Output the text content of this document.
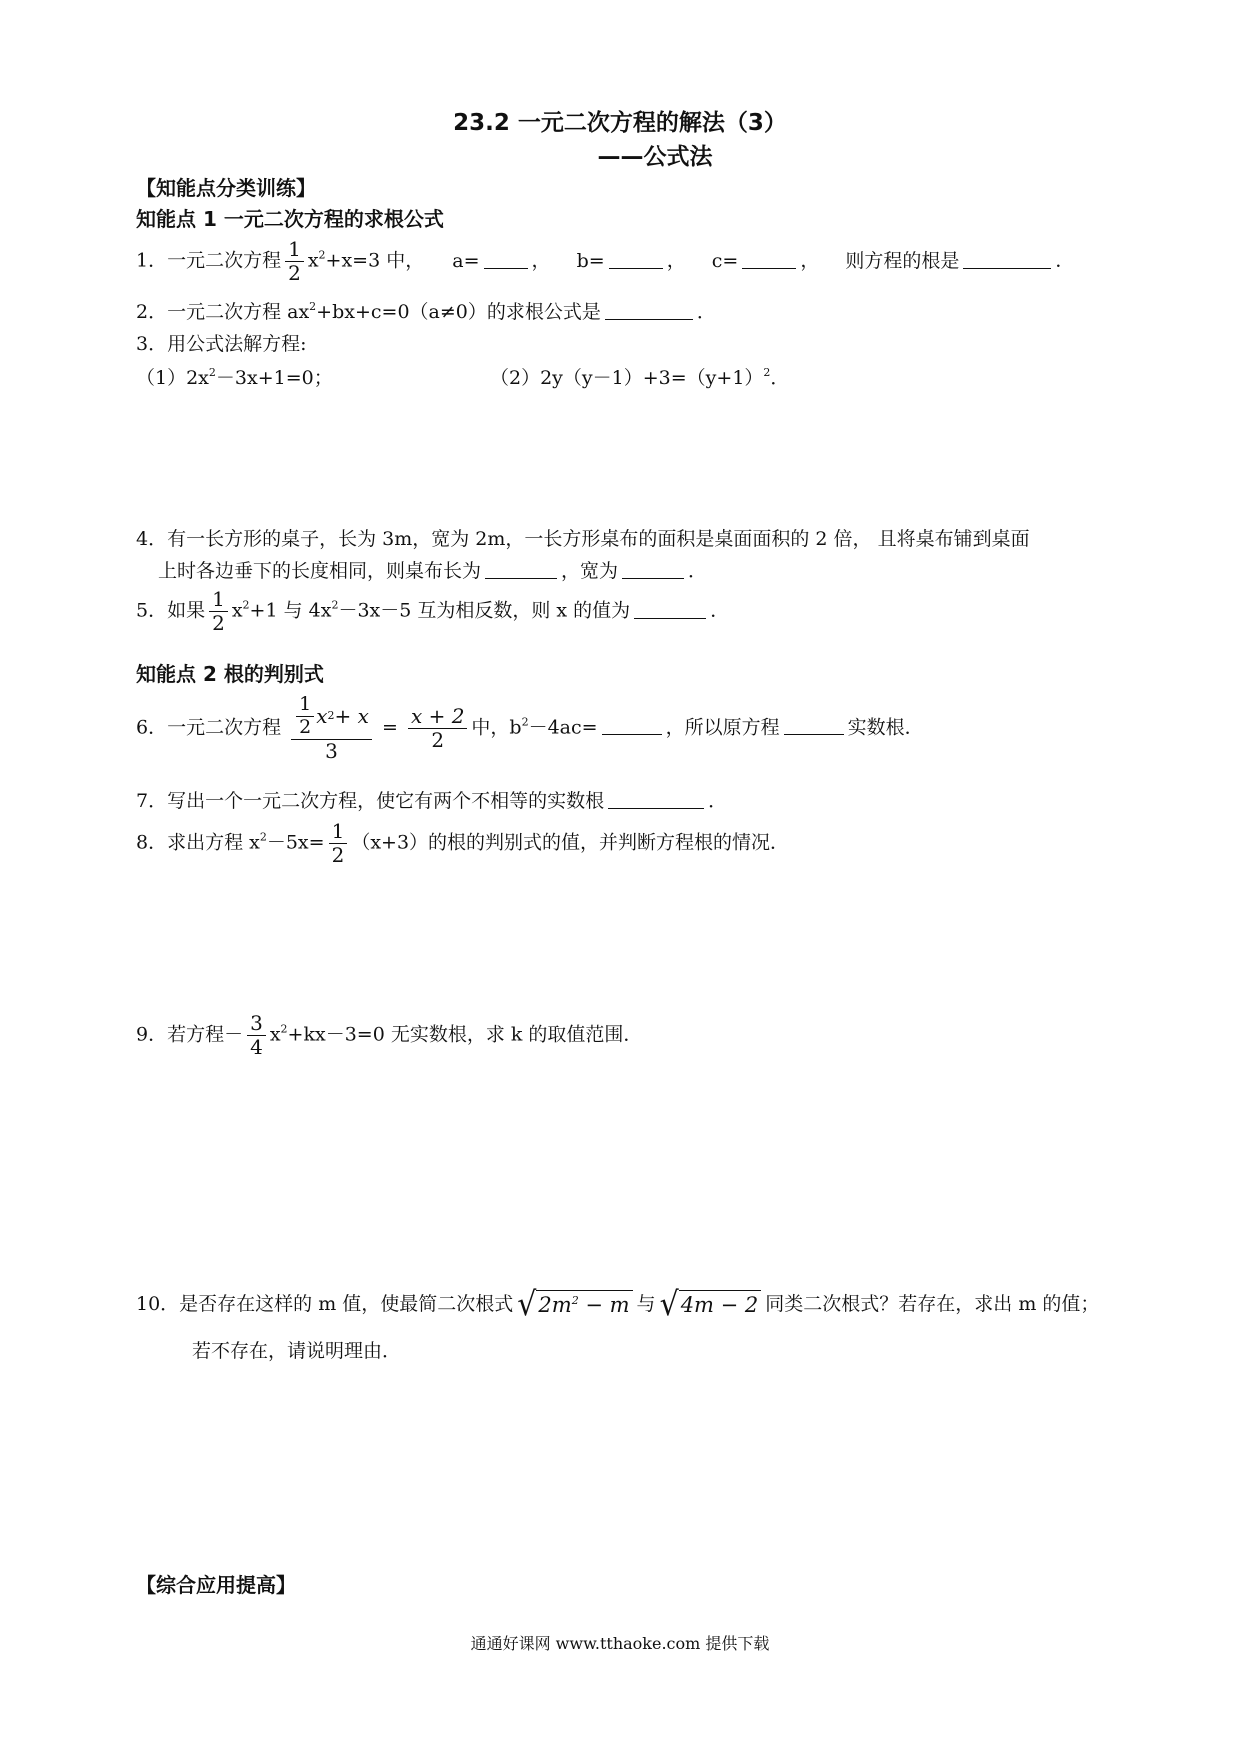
23.2 一元二次方程的解法（3）
——公式法
【知能点分类训练】
知能点 1 一元二次方程的求根公式
1．一元二次方程 $\frac{1}{2} x^2+x=3$ 中， a=	， b=	， c=	， 则方程的根是	．
2．一元二次方程 $ax^2+bx+c=0(a\ne 0)$的求根公式是	．
3．用公式法解方程:
$(1)2x^2-3x+1=0$；	$(2)2y(y-1)+3=(y+1)^2$．
4．有一长方形的桌子，长为 3m，宽为 2m，一长方形桌布的面积是桌面面积的 2 倍， 且将桌布铺到桌面
上时各边垂下的长度相同，则桌布长为	，宽为	．
5．如果 $\frac{1}{2} x^2+1$ 与 $4x^2-3x-5$ 互为相反数，则 x 的值为	．
知能点 2 根的判别式
6．一元二次方程 $\frac{\frac{1}{2} x 2 + x}{3} = \frac{x + 2}{2}$ 中，$b^2-4ac=$	，所以原方程	实数根．
7．写出一个一元二次方程，使它有两个不相等的实数根	．
8．求出方程 $x^2-5x= \frac{1}{2} (x+3)$的根的判别式的值，并判断方程根的情况．
9．若方程－ $\frac{3}{4} x^2+kx-3=0$ 无实数根，求 k 的取值范围．
10．是否存在这样的 m 值，使最简二次根式 √ $2m^2 - m$ 与 √ 4m − 2 同类二次根式？若存在，求出 m 的值；
若不存在，请说明理由．
【综合应用提高】
通通好课网 www.tthaoke.com 提供下载
